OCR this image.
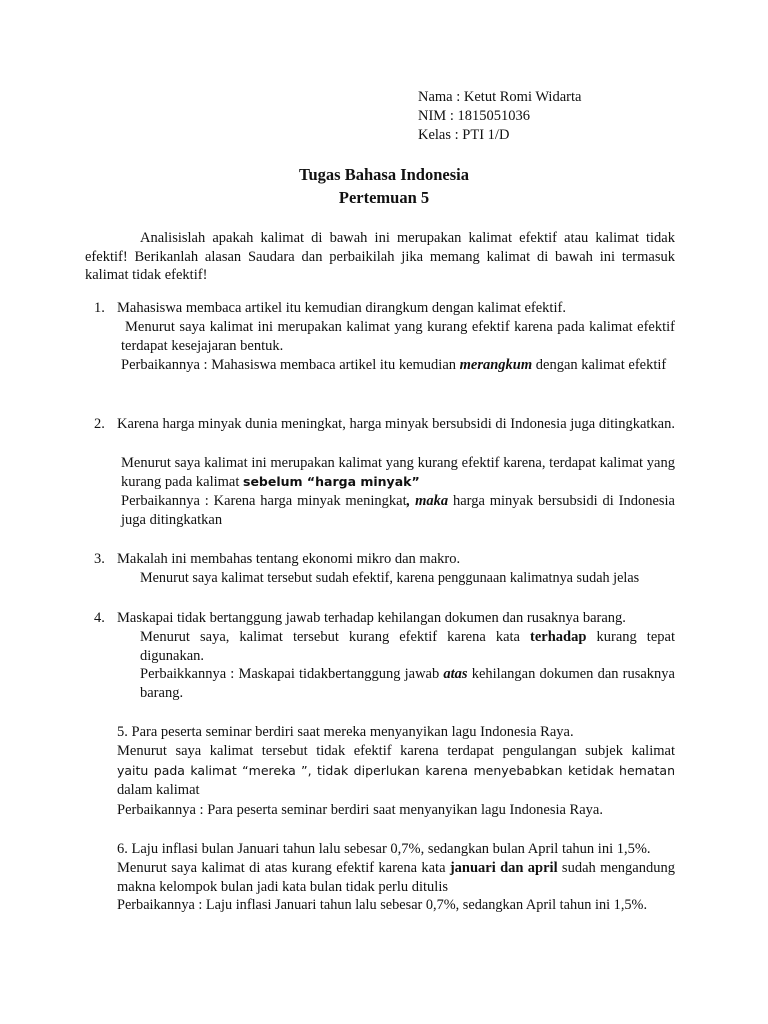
Nama : Ketut Romi Widarta
NIM : 1815051036
Kelas : PTI 1/D
Tugas Bahasa Indonesia
Pertemuan 5

Analisislah apakah kalimat di bawah ini merupakan kalimat efektif atau kalimat tidak efektif! Berikanlah alasan Saudara dan perbaikilah jika memang kalimat di bawah ini termasuk kalimat tidak efektif!

1. Mahasiswa membaca artikel itu kemudian dirangkum dengan kalimat efektif.

Menurut saya kalimat ini merupakan kalimat yang kurang efektif karena pada kalimat efektif terdapat kesejajaran bentuk.

Perbaikannya : Mahasiswa membaca artikel itu kemudian merangkum dengan kalimat efektif

2. Karena harga minyak dunia meningkat, harga minyak bersubsidi di Indonesia juga ditingkatkan.

Menurut saya kalimat ini merupakan kalimat yang kurang efektif karena, terdapat kalimat yang kurang pada kalimat sebelum “harga minyak”

Perbaikannya : Karena harga minyak meningkat, maka harga minyak bersubsidi di Indonesia juga ditingkatkan

3. Makalah ini membahas tentang ekonomi mikro dan makro.
Menurut saya kalimat tersebut sudah efektif, karena penggunaan kalimatnya sudah jelas
4. Maskapai tidak bertanggung jawab terhadap kehilangan dokumen dan rusaknya barang.

Menurut saya, kalimat tersebut kurang efektif karena kata terhadap kurang tepat digunakan.

Perbaikkannya : Maskapai tidakbertanggung jawab atas kehilangan dokumen dan rusaknya barang.

5. Para peserta seminar berdiri saat mereka menyanyikan lagu Indonesia Raya.

Menurut saya kalimat tersebut tidak efektif karena terdapat pengulangan subjek kalimat

yaitu pada kalimat “mereka ”, tidak diperlukan karena menyebabkan ketidak hematan

dalam kalimat
Perbaikannya : Para peserta seminar berdiri saat menyanyikan lagu Indonesia Raya.
6. Laju inflasi bulan Januari tahun lalu sebesar 0,7%, sedangkan bulan April tahun ini 1,5%.

Menurut saya kalimat di atas kurang efektif karena kata januari dan april sudah mengandung makna kelompok bulan jadi kata bulan tidak perlu ditulis

Perbaikannya : Laju inflasi Januari tahun lalu sebesar 0,7%, sedangkan April tahun ini 1,5%.
